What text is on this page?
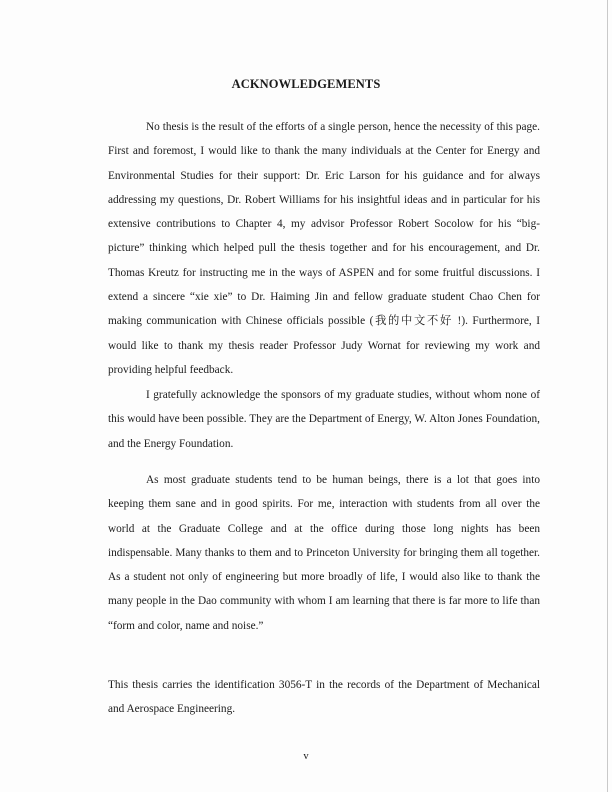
ACKNOWLEDGEMENTS

No thesis is the result of the efforts of a single person, hence the necessity of this page. First and foremost, I would like to thank the many individuals at the Center for Energy and Environmental Studies for their support: Dr. Eric Larson for his guidance and for always addressing my questions, Dr. Robert Williams for his insightful ideas and in particular for his extensive contributions to Chapter 4, my advisor Professor Robert Socolow for his “big-picture” thinking which helped pull the thesis together and for his encouragement, and Dr. Thomas Kreutz for instructing me in the ways of ASPEN and for some fruitful discussions. I extend a sincere “xie xie” to Dr. Haiming Jin and fellow graduate student Chao Chen for making communication with Chinese officials possible (我的中文不好 !). Furthermore, I would like to thank my thesis reader Professor Judy Wornat for reviewing my work and providing helpful feedback.

I gratefully acknowledge the sponsors of my graduate studies, without whom none of this would have been possible. They are the Department of Energy, W. Alton Jones Foundation, and the Energy Foundation.

As most graduate students tend to be human beings, there is a lot that goes into keeping them sane and in good spirits. For me, interaction with students from all over the world at the Graduate College and at the office during those long nights has been indispensable. Many thanks to them and to Princeton University for bringing them all together. As a student not only of engineering but more broadly of life, I would also like to thank the many people in the Dao community with whom I am learning that there is far more to life than “form and color, name and noise.”

This thesis carries the identification 3056-T in the records of the Department of Mechanical and Aerospace Engineering.

v
